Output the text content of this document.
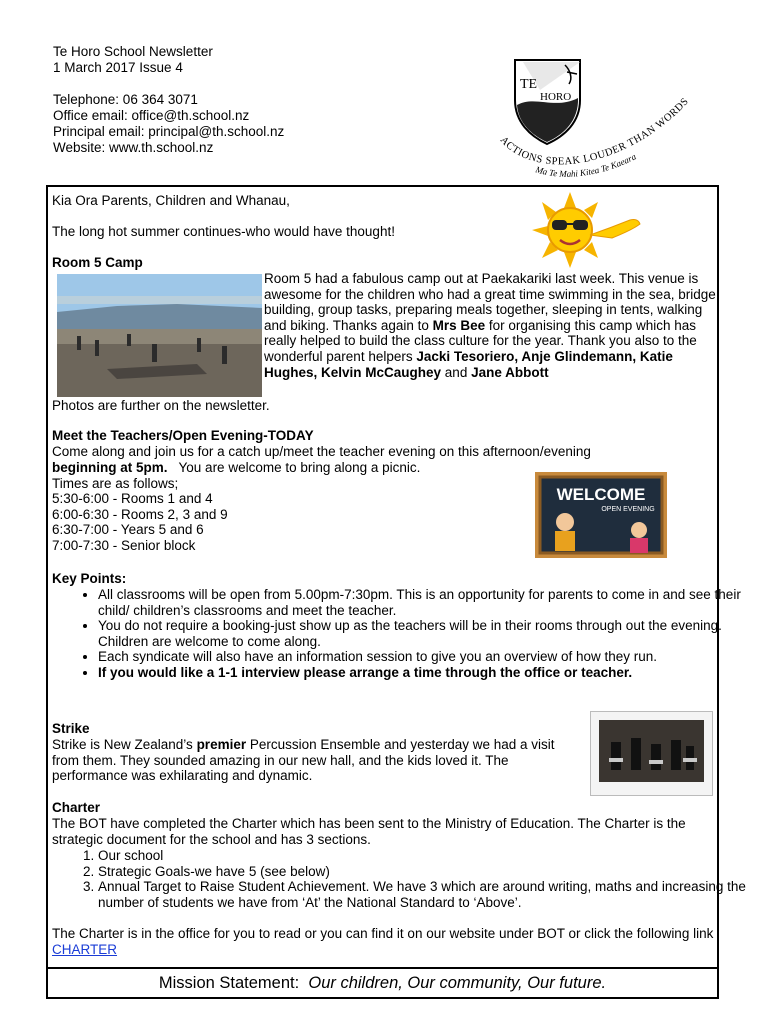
Te Horo School Newsletter
1 March 2017 Issue 4
Telephone: 06 364 3071
Office email: office@th.school.nz
Principal email: principal@th.school.nz
Website: www.th.school.nz
TE
HORO
ACTIONS SPEAK LOUDER THAN WORDS
Ma Te Mahi Kitea Te Kaeara
Kia Ora Parents, Children and Whanau,
The long hot summer continues-who would have thought!
Room 5 Camp
Room 5 had a fabulous camp out at Paekakariki last week. This venue is awesome for the children who had a great time swimming in the sea, bridge building, group tasks, preparing meals together, sleeping in tents, walking and biking. Thanks again to Mrs Bee for organising this camp which has really helped to build the class culture for the year. Thank you also to the wonderful parent helpers Jacki Tesoriero, Anje Glindemann, Katie Hughes, Kelvin McCaughey and Jane Abbott
Photos are further on the newsletter.
Meet the Teachers/Open Evening-TODAY
Come along and join us for a catch up/meet the teacher evening on this afternoon/evening
beginning at 5pm.   You are welcome to bring along a picnic.
Times are as follows;
5:30-6:00 - Rooms 1 and 4
6:00-6:30 - Rooms 2, 3 and 9
6:30-7:00 - Years 5 and 6
7:00-7:30 - Senior block
WELCOME
OPEN EVENING
Key Points:
• All classrooms will be open from 5.00pm-7:30pm. This is an opportunity for parents to come in and see their child/ children’s classrooms and meet the teacher.
• You do not require a booking-just show up as the teachers will be in their rooms through out the evening. Children are welcome to come along.
• Each syndicate will also have an information session to give you an overview of how they run.
• If you would like a 1-1 interview please arrange a time through the office or teacher.
Strike
Strike is New Zealand’s premier Percussion Ensemble and yesterday we had a visit from them. They sounded amazing in our new hall, and the kids loved it. The performance was exhilarating and dynamic.
Charter
The BOT have completed the Charter which has been sent to the Ministry of Education. The Charter is the strategic document for the school and has 3 sections.
1. Our school
2. Strategic Goals-we have 5 (see below)
3. Annual Target to Raise Student Achievement. We have 3 which are around writing, maths and increasing the number of students we have from ‘At’ the National Standard to ‘Above’.
The Charter is in the office for you to read or you can find it on our website under BOT or click the following link CHARTER
Mission Statement:  Our children, Our community, Our future.
